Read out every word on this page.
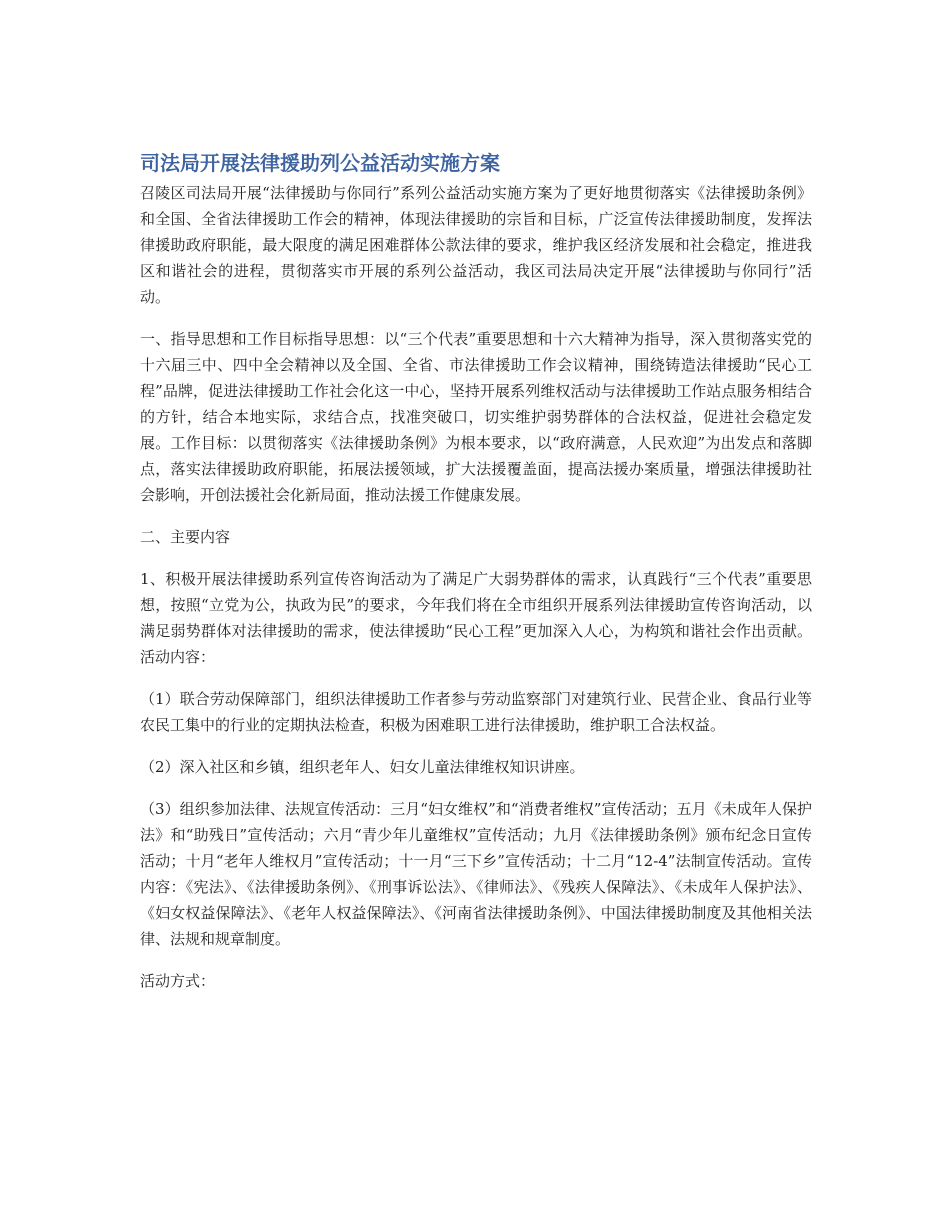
司法局开展法律援助列公益活动实施方案

召陵区司法局开展“法律援助与你同行”系列公益活动实施方案为了更好地贯彻落实《法律援助条例》和全国、全省法律援助工作会的精神，体现法律援助的宗旨和目标，广泛宣传法律援助制度，发挥法律援助政府职能，最大限度的满足困难群体公款法律的要求，维护我区经济发展和社会稳定，推进我区和谐社会的进程，贯彻落实市开展的系列公益活动，我区司法局决定开展“法律援助与你同行”活动。

一、指导思想和工作目标指导思想：以“三个代表”重要思想和十六大精神为指导，深入贯彻落实党的十六届三中、四中全会精神以及全国、全省、市法律援助工作会议精神，围绕铸造法律援助“民心工程”品牌，促进法律援助工作社会化这一中心，坚持开展系列维权活动与法律援助工作站点服务相结合的方针，结合本地实际，求结合点，找准突破口，切实维护弱势群体的合法权益，促进社会稳定发展。工作目标：以贯彻落实《法律援助条例》为根本要求，以“政府满意，人民欢迎”为出发点和落脚点，落实法律援助政府职能，拓展法援领域，扩大法援覆盖面，提高法援办案质量，增强法律援助社会影响，开创法援社会化新局面，推动法援工作健康发展。

二、主要内容

1、积极开展法律援助系列宣传咨询活动为了满足广大弱势群体的需求，认真践行“三个代表”重要思想，按照“立党为公，执政为民”的要求，今年我们将在全市组织开展系列法律援助宣传咨询活动，以满足弱势群体对法律援助的需求，使法律援助“民心工程”更加深入人心，为构筑和谐社会作出贡献。活动内容：

（1）联合劳动保障部门，组织法律援助工作者参与劳动监察部门对建筑行业、民营企业、食品行业等农民工集中的行业的定期执法检查，积极为困难职工进行法律援助，维护职工合法权益。

（2）深入社区和乡镇，组织老年人、妇女儿童法律维权知识讲座。

（3）组织参加法律、法规宣传活动：三月“妇女维权”和“消费者维权”宣传活动；五月《未成年人保护法》和“助残日”宣传活动；六月“青少年儿童维权”宣传活动；九月《法律援助条例》颁布纪念日宣传活动；十月“老年人维权月”宣传活动；十一月“三下乡”宣传活动；十二月“12-4”法制宣传活动。宣传内容：《宪法》、《法律援助条例》、《刑事诉讼法》、《律师法》、《残疾人保障法》、《未成年人保护法》、《妇女权益保障法》、《老年人权益保障法》、《河南省法律援助条例》、中国法律援助制度及其他相关法律、法规和规章制度。

活动方式：
